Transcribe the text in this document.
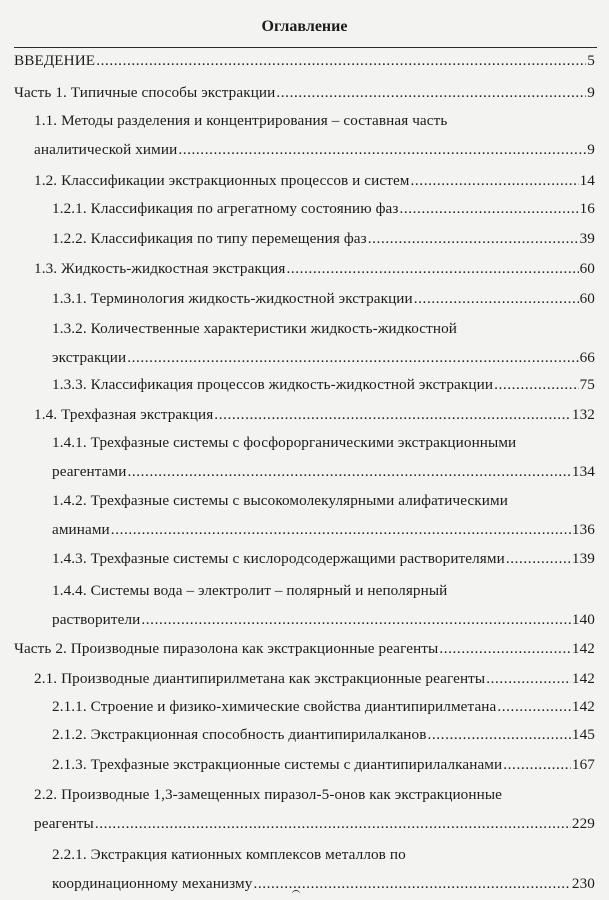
Оглавление
ВВЕДЕНИЕ .....	5
Часть 1. Типичные способы экстракции .....	9
1.1. Методы разделения и концентрирования – составная часть
аналитической химии .....	9
1.2. Классификации экстракционных процессов и систем .....	14
1.2.1. Классификация по агрегатному состоянию фаз .....	16
1.2.2. Классификация по типу перемещения фаз .....	39
1.3. Жидкость-жидкостная экстракция .....	60
1.3.1. Терминология жидкость-жидкостной экстракции .....	60
1.3.2. Количественные характеристики жидкость-жидкостной
экстракции .....	66
1.3.3. Классификация процессов жидкость-жидкостной экстракции .....	75
1.4. Трехфазная экстракция .....	132
1.4.1. Трехфазные системы с фосфорорганическими экстракционными
реагентами .....	134
1.4.2. Трехфазные системы с высокомолекулярными алифатическими
аминами .....	136
1.4.3. Трехфазные системы с кислородсодержащими растворителями .....	139
1.4.4. Системы вода – электролит – полярный и неполярный
растворители .....	140
Часть 2. Производные пиразолона как экстракционные реагенты .....	142
2.1. Производные диантипирилметана как экстракционные реагенты .....	142
2.1.1. Строение и физико-химические свойства диантипирилметана .....	142
2.1.2. Экстракционная способность диантипирилалканов .....	145
2.1.3. Трехфазные экстракционные системы с диантипирилалканами .....	167
2.2. Производные 1,3-замещенных пиразол-5-онов как экстракционные
реагенты .....	229
2.2.1. Экстракция катионных комплексов металлов по
координационному механизму .....	230
